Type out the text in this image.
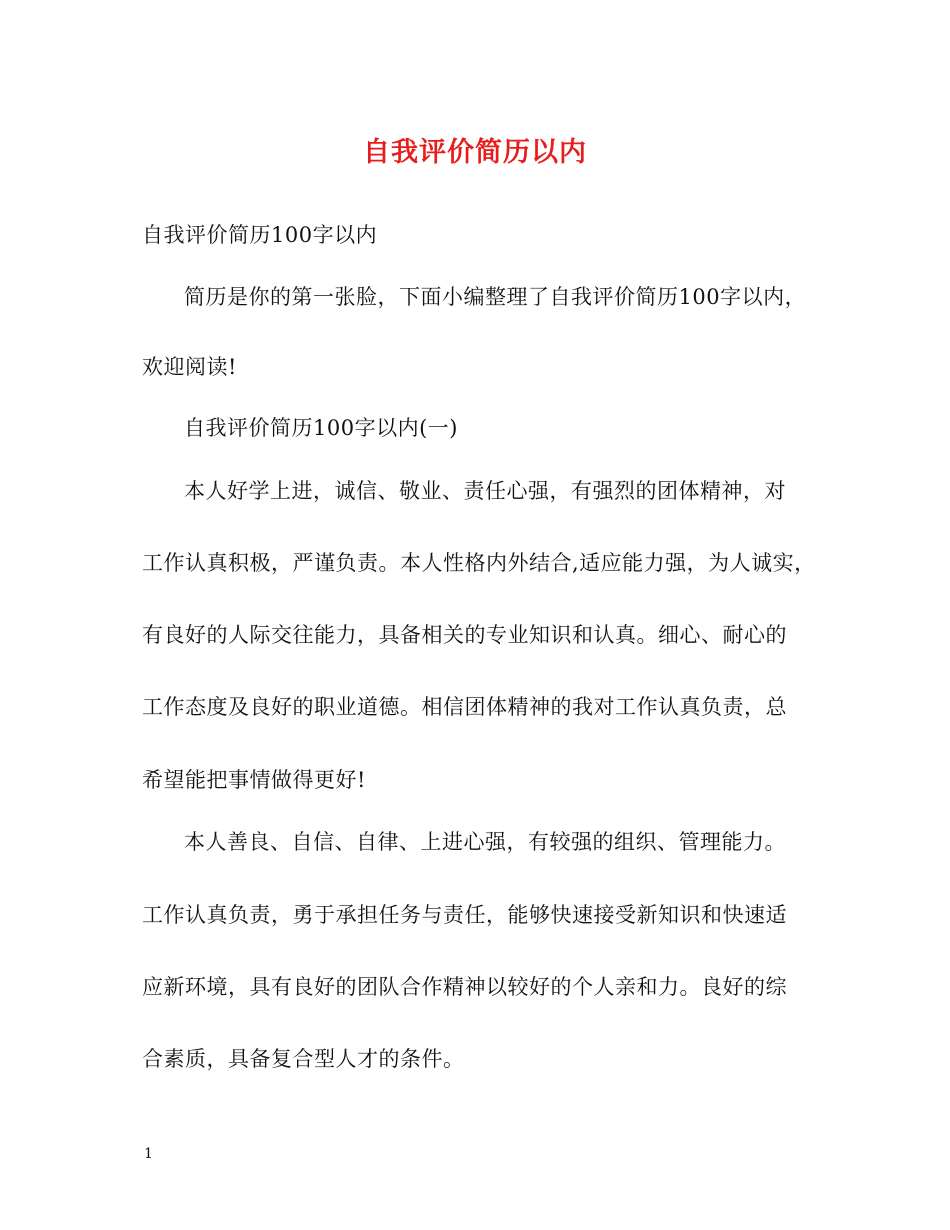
自我评价简历以内
自我评价简历100字以内
简历是你的第一张脸，下面小编整理了自我评价简历100字以内，
欢迎阅读!
自我评价简历100字以内(一)
本人好学上进，诚信、敬业、责任心强，有强烈的团体精神，对
工作认真积极，严谨负责。本人性格内外结合,适应能力强，为人诚实，
有良好的人际交往能力，具备相关的专业知识和认真。细心、耐心的
工作态度及良好的职业道德。相信团体精神的我对工作认真负责，总
希望能把事情做得更好!
本人善良、自信、自律、上进心强，有较强的组织、管理能力。
工作认真负责，勇于承担任务与责任，能够快速接受新知识和快速适
应新环境，具有良好的团队合作精神以较好的个人亲和力。良好的综
合素质，具备复合型人才的条件。
1
